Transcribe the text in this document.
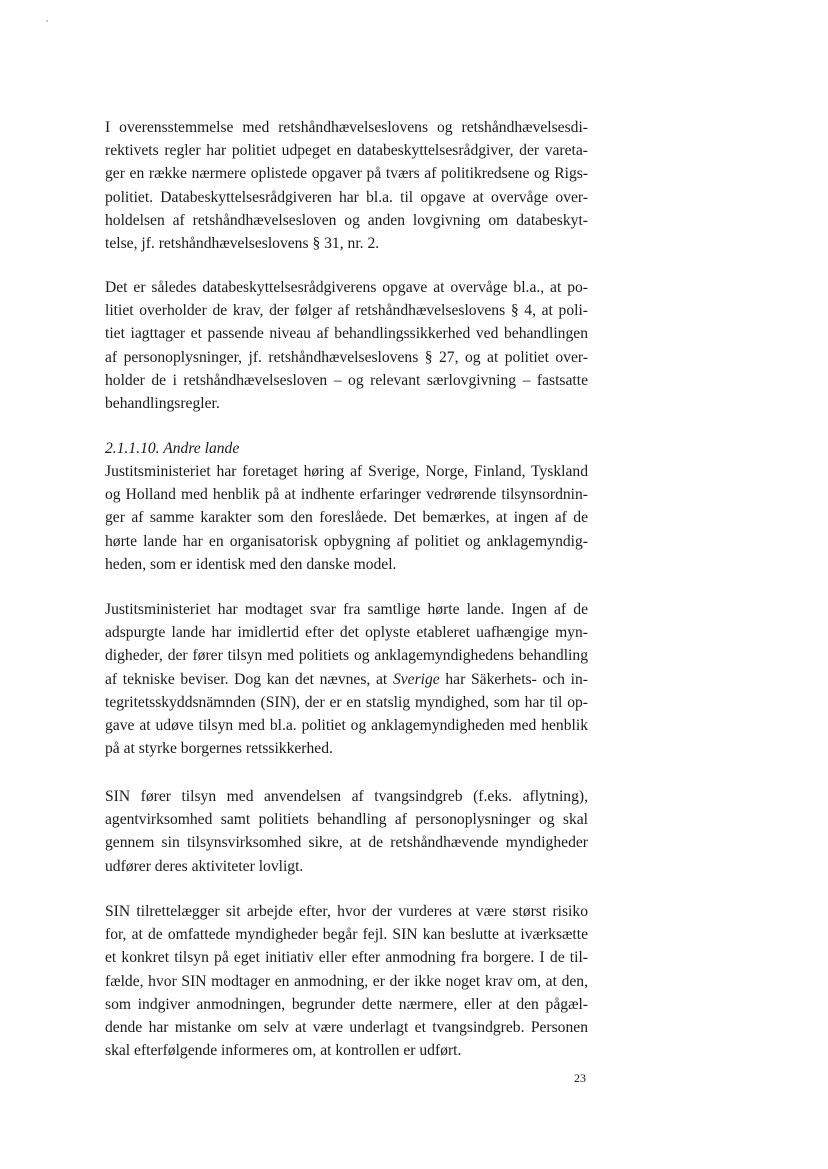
I overensstemmelse med retshåndhævelseslovens og retshåndhævelsesdi-
rektivets regler har politiet udpeget en databeskyttelsesrådgiver, der vareta-
ger en række nærmere oplistede opgaver på tværs af politikredsene og Rigs-
politiet. Databeskyttelsesrådgiveren har bl.a. til opgave at overvåge over-
holdelsen af retshåndhævelsesloven og anden lovgivning om databeskyt-
telse, jf. retshåndhævelseslovens § 31, nr. 2.
Det er således databeskyttelsesrådgiverens opgave at overvåge bl.a., at po-
litiet overholder de krav, der følger af retshåndhævelseslovens § 4, at poli-
tiet iagttager et passende niveau af behandlingssikkerhed ved behandlingen
af personoplysninger, jf. retshåndhævelseslovens § 27, og at politiet over-
holder de i retshåndhævelsesloven – og relevant særlovgivning – fastsatte
behandlingsregler.
2.1.1.10. Andre lande
Justitsministeriet har foretaget høring af Sverige, Norge, Finland, Tyskland
og Holland med henblik på at indhente erfaringer vedrørende tilsynsordnin-
ger af samme karakter som den foreslåede. Det bemærkes, at ingen af de
hørte lande har en organisatorisk opbygning af politiet og anklagemyndig-
heden, som er identisk med den danske model.
Justitsministeriet har modtaget svar fra samtlige hørte lande. Ingen af de
adspurgte lande har imidlertid efter det oplyste etableret uafhængige myn-
digheder, der fører tilsyn med politiets og anklagemyndighedens behandling
af tekniske beviser. Dog kan det nævnes, at Sverige har Säkerhets- och in-
tegritetsskyddsnämnden (SIN), der er en statslig myndighed, som har til op-
gave at udøve tilsyn med bl.a. politiet og anklagemyndigheden med henblik
på at styrke borgernes retssikkerhed.
SIN fører tilsyn med anvendelsen af tvangsindgreb (f.eks. aflytning),
agentvirksomhed samt politiets behandling af personoplysninger og skal
gennem sin tilsynsvirksomhed sikre, at de retshåndhævende myndigheder
udfører deres aktiviteter lovligt.
SIN tilrettelægger sit arbejde efter, hvor der vurderes at være størst risiko
for, at de omfattede myndigheder begår fejl. SIN kan beslutte at iværksætte
et konkret tilsyn på eget initiativ eller efter anmodning fra borgere. I de til-
fælde, hvor SIN modtager en anmodning, er der ikke noget krav om, at den,
som indgiver anmodningen, begrunder dette nærmere, eller at den pågæl-
dende har mistanke om selv at være underlagt et tvangsindgreb. Personen
skal efterfølgende informeres om, at kontrollen er udført.
23
